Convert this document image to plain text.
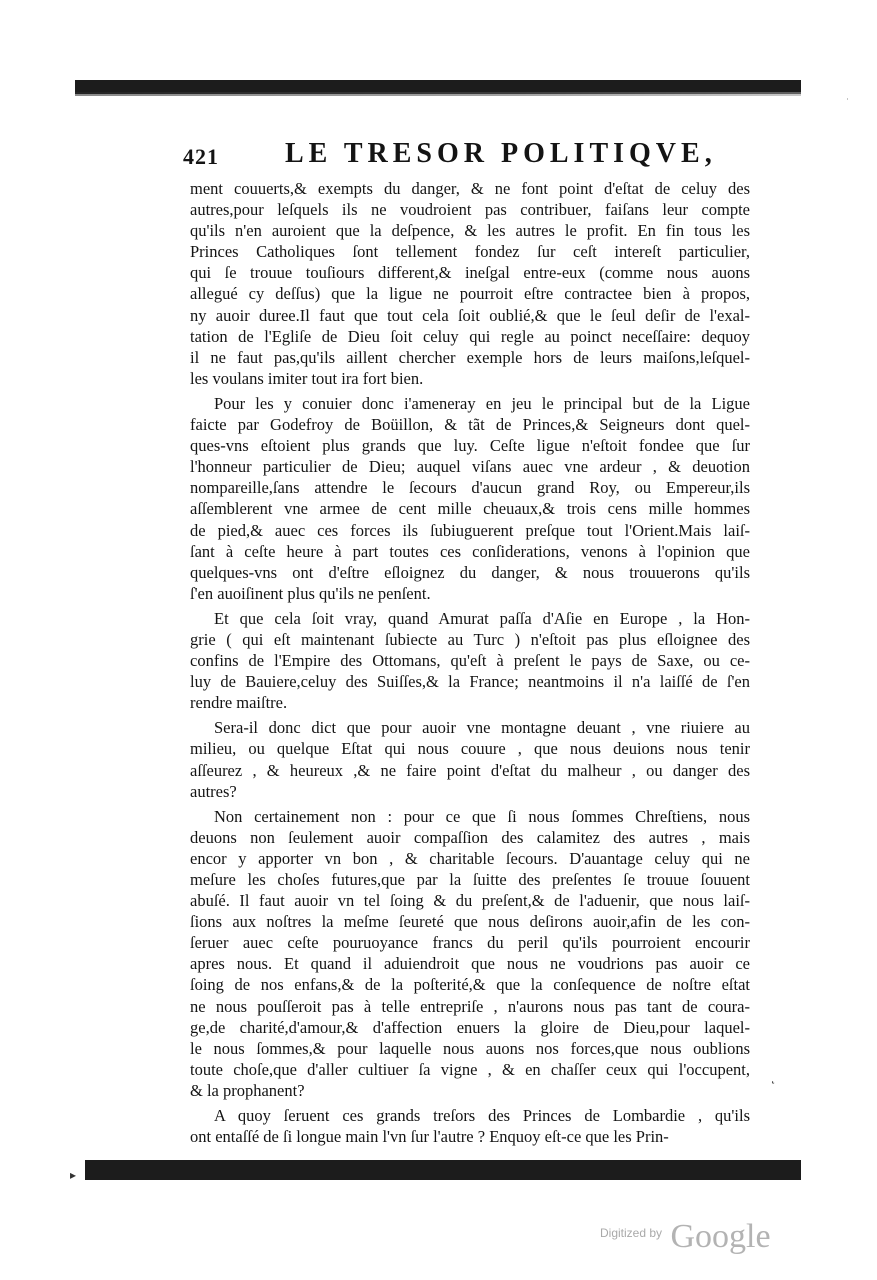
˙
421 LE TRESOR POLITIQVE,
ment couuerts,& exempts du danger, & ne font point d'eſtat de celuy des
autres,pour leſquels ils ne voudroient pas contribuer, faiſans leur compte
qu'ils n'en auroient que la deſpence, & les autres le profit. En fin tous les
Princes Catholiques ſont tellement fondez ſur ceſt intereſt particulier,
qui ſe trouue touſiours different,& ineſgal entre-eux (comme nous auons
allegué cy deſſus) que la ligue ne pourroit eſtre contractee bien à propos,
ny auoir duree.Il faut que tout cela ſoit oublié,& que le ſeul deſir de l'exal-
tation de l'Egliſe de Dieu ſoit celuy qui regle au poinct neceſſaire: dequoy
il ne faut pas,qu'ils aillent chercher exemple hors de leurs maiſons,leſquel-
les voulans imiter tout ira fort bien.
Pour les y conuier donc i'ameneray en jeu le principal but de la Ligue
faicte par Godefroy de Boüillon, & tãt de Princes,& Seigneurs dont quel-
ques-vns eſtoient plus grands que luy. Ceſte ligue n'eſtoit fondee que ſur
l'honneur particulier de Dieu; auquel viſans auec vne ardeur , & deuotion
nompareille,ſans attendre le ſecours d'aucun grand Roy, ou Empereur,ils
aſſemblerent vne armee de cent mille cheuaux,& trois cens mille hommes
de pied,& auec ces forces ils ſubiuguerent preſque tout l'Orient.Mais laiſ-
ſant à ceſte heure à part toutes ces conſiderations, venons à l'opinion que
quelques-vns ont d'eſtre eſloignez du danger, & nous trouuerons qu'ils
ſ'en auoiſinent plus qu'ils ne penſent.
Et que cela ſoit vray, quand Amurat paſſa d'Aſie en Europe , la Hon-
grie ( qui eſt maintenant ſubiecte au Turc ) n'eſtoit pas plus eſloignee des
confins de l'Empire des Ottomans, qu'eſt à preſent le pays de Saxe, ou ce-
luy de Bauiere,celuy des Suiſſes,& la France; neantmoins il n'a laiſſé de ſ'en
rendre maiſtre.
Sera-il donc dict que pour auoir vne montagne deuant , vne riuiere au
milieu, ou quelque Eſtat qui nous couure , que nous deuions nous tenir
aſſeurez , & heureux ,& ne faire point d'eſtat du malheur , ou danger des
autres?
Non certainement non : pour ce que ſi nous ſommes Chreſtiens, nous
deuons non ſeulement auoir compaſſion des calamitez des autres , mais
encor y apporter vn bon , & charitable ſecours. D'auantage celuy qui ne
meſure les choſes futures,que par la ſuitte des preſentes ſe trouue ſouuent
abuſé. Il faut auoir vn tel ſoing & du preſent,& de l'aduenir, que nous laiſ-
ſions aux noſtres la meſme ſeureté que nous deſirons auoir,afin de les con-
ſeruer auec ceſte pouruoyance francs du peril qu'ils pourroient encourir
apres nous. Et quand il aduiendroit que nous ne voudrions pas auoir ce
ſoing de nos enfans,& de la poſterité,& que la conſequence de noſtre eſtat
ne nous pouſſeroit pas à telle entrepriſe , n'aurons nous pas tant de coura-
ge,de charité,d'amour,& d'affection enuers la gloire de Dieu,pour laquel-
le nous ſommes,& pour laquelle nous auons nos forces,que nous oublions
toute choſe,que d'aller cultiuer ſa vigne , & en chaſſer ceux qui l'occupent,
& la prophanent?
A quoy ſeruent ces grands treſors des Princes de Lombardie , qu'ils
ont entaſſé de ſi longue main l'vn ſur l'autre ? Enquoy eſt-ce que les Prin-
˛
▸
$^{Digitized by}$ Google
